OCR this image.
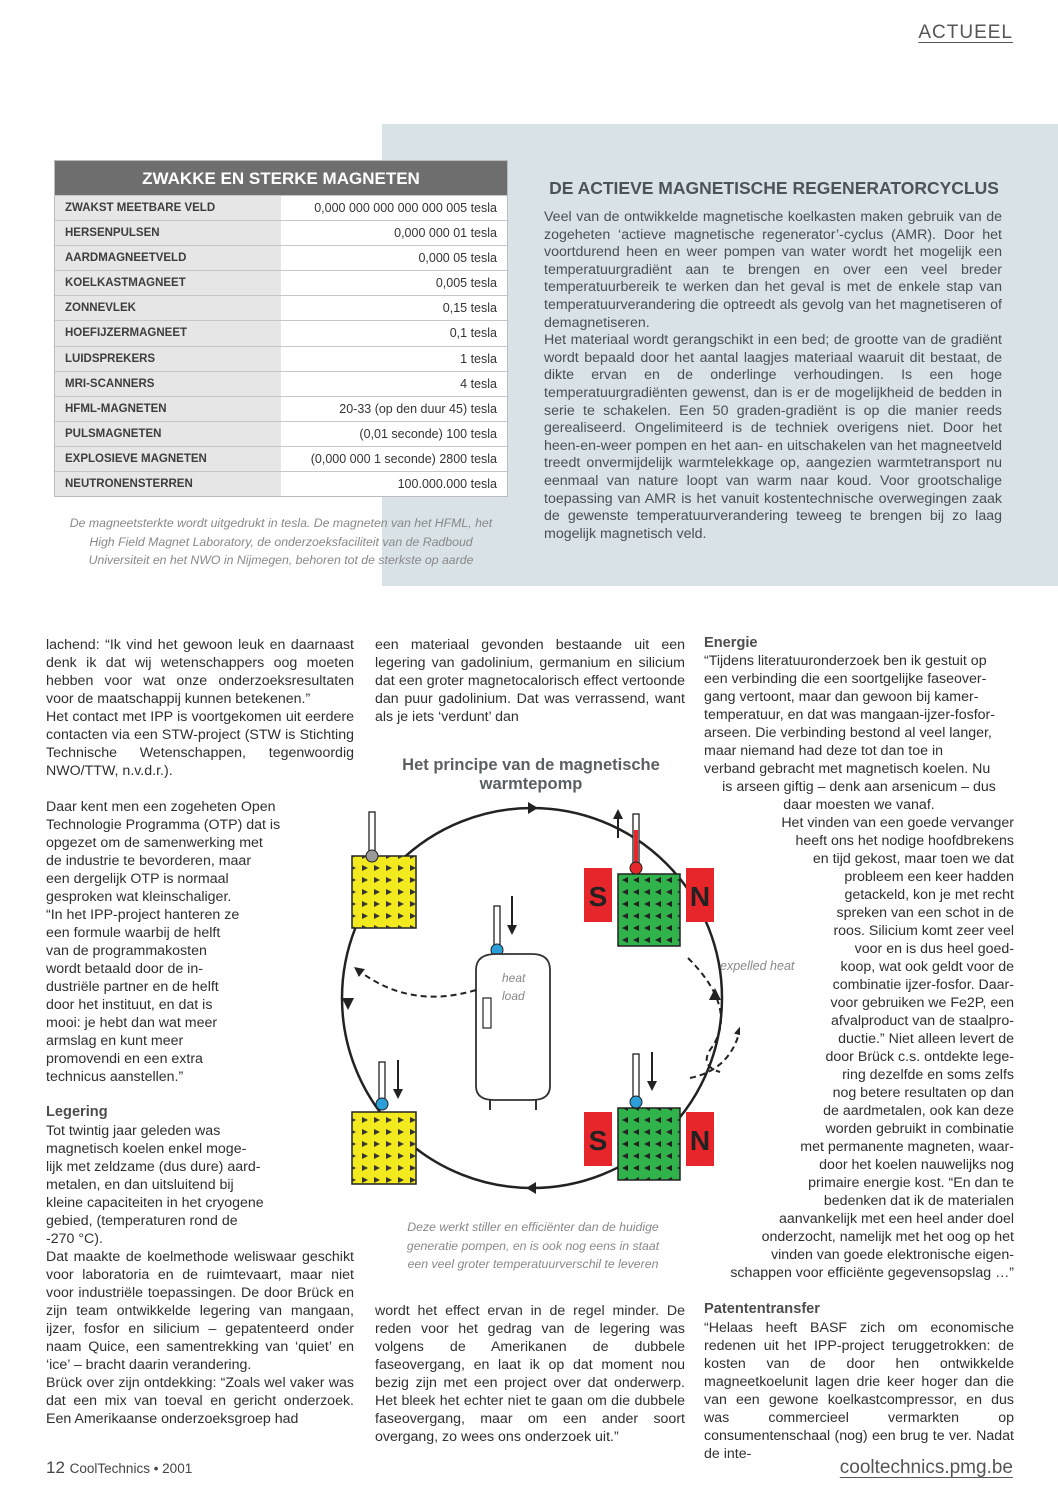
ACTUEEL
ZWAKKE EN STERKE MAGNETEN
ZWAKST MEETBARE VELD	0,000 000 000 000 000 005 tesla
HERSENPULSEN	0,000 000 01 tesla
AARDMAGNEETVELD	0,000 05 tesla
KOELKASTMAGNEET	0,005 tesla
ZONNEVLEK	0,15 tesla
HOEFIJZERMAGNEET	0,1 tesla
LUIDSPREKERS	1 tesla
MRI-SCANNERS	4 tesla
HFML-MAGNETEN	20-33 (op den duur 45) tesla
PULSMAGNETEN	(0,01 seconde) 100 tesla
EXPLOSIEVE MAGNETEN	(0,000 000 1 seconde) 2800 tesla
NEUTRONENSTERREN	100.000.000 tesla
De magneetsterkte wordt uitgedrukt in tesla. De magneten van het HFML, het
High Field Magnet Laboratory, de onderzoeksfaciliteit van de Radboud
Universiteit en het NWO in Nijmegen, behoren tot de sterkste op aarde
DE ACTIEVE MAGNETISCHE REGENERATORCYCLUS

Veel van de ontwikkelde magnetische koelkasten maken gebruik van de zogeheten ‘actieve magnetische regenerator’-cyclus (AMR). Door het voortdurend heen en weer pompen van water wordt het mogelijk een temperatuurgradiënt aan te brengen en over een veel breder temperatuurbereik te werken dan het geval is met de enkele stap van temperatuurverandering die optreedt als gevolg van het magnetiseren of demagnetiseren.

Het materiaal wordt gerangschikt in een bed; de grootte van de gradiënt wordt bepaald door het aantal laagjes materiaal waaruit dit bestaat, de dikte ervan en de onderlinge verhoudingen. Is een hoge temperatuurgradiënten gewenst, dan is er de mogelijkheid de bedden in serie te schakelen. Een 50 graden-gradiënt is op die manier reeds gerealiseerd. Ongelimiteerd is de techniek overigens niet. Door het heen-en-weer pompen en het aan- en uitschakelen van het magneetveld treedt onvermijdelijk warmtelekkage op, aangezien warmtetransport nu eenmaal van nature loopt van warm naar koud. Voor grootschalige toepassing van AMR is het vanuit kostentechnische overwegingen zaak de gewenste temperatuurverandering teweeg te brengen bij zo laag mogelijk magnetisch veld.

lachend: “Ik vind het gewoon leuk en daarnaast denk ik dat wij wetenschappers oog moeten hebben voor wat onze onderzoeksresultaten voor de maatschappij kunnen betekenen.”

Het contact met IPP is voortgekomen uit eerdere contacten via een STW-project (STW is Stichting Technische Wetenschappen, tegenwoordig NWO/TTW, n.v.d.r.).

Daar kent men een zogeheten Open
Technologie Programma (OTP) dat is
opgezet om de samenwerking met
de industrie te bevorderen, maar
een dergelijk OTP is normaal
gesproken wat kleinschaliger.
“In het IPP-project hanteren ze
een formule waarbij de helft
van de programmakosten
wordt betaald door de in-
dustriële partner en de helft
door het instituut, en dat is
mooi: je hebt dan wat meer
armslag en kunt meer
promovendi en een extra
technicus aanstellen.”

Legering

Tot twintig jaar geleden was
magnetisch koelen enkel moge-
lijk met zeldzame (dus dure) aard-
metalen, en dan uitsluitend bij
kleine capaciteiten in het cryogene
gebied, (temperaturen rond de
-270 °C).

Dat maakte de koelmethode weliswaar geschikt voor laboratoria en de ruimtevaart, maar niet voor industriële toepassingen. De door Brück en zijn team ontwikkelde legering van mangaan, ijzer, fosfor en silicium – gepatenteerd onder naam Quice, een samentrekking van ‘quiet’ en ‘ice’ – bracht daarin verandering.

Brück over zijn ontdekking: “Zoals wel vaker was dat een mix van toeval en gericht onderzoek. Een Amerikaanse onderzoeksgroep had

een materiaal gevonden bestaande uit een legering van gadolinium, germanium en silicium dat een groter magnetocalorisch effect vertoonde dan puur gadolinium. Dat was verrassend, want als je iets ‘verdunt’ dan

wordt het effect ervan in de regel minder. De reden voor het gedrag van de legering was volgens de Amerikanen de dubbele faseovergang, en laat ik op dat moment nou bezig zijn met een project over dat onderwerp. Het bleek het echter niet te gaan om die dubbele faseovergang, maar om een ander soort overgang, zo wees ons onderzoek uit.”

Het principe van de magnetische warmtepomp
S	N
heat
load
S	N
expelled heat
Deze werkt stiller en efficiënter dan de huidige
generatie pompen, en is ook nog eens in staat
een veel groter temperatuurverschil te leveren

Energie

“Tijdens literatuuronderzoek ben ik gestuit op
een verbinding die een soortgelijke faseover-
gang vertoont, maar dan gewoon bij kamer-
temperatuur, en dat was mangaan-ijzer-fosfor-
arseen. Die verbinding bestond al veel langer,
maar niemand had deze tot dan toe in
verband gebracht met magnetisch koelen. Nu
is arseen giftig – denk aan arsenicum – dus
daar moesten we vanaf.
Het vinden van een goede vervanger
heeft ons het nodige hoofdbrekens
en tijd gekost, maar toen we dat
probleem een keer hadden
getackeld, kon je met recht
spreken van een schot in de
roos. Silicium komt zeer veel
voor en is dus heel goed-
koop, wat ook geldt voor de
combinatie ijzer-fosfor. Daar-
voor gebruiken we Fe2P, een
afvalproduct van de staalpro-
ductie.” Niet alleen levert de
door Brück c.s. ontdekte lege-
ring dezelfde en soms zelfs
nog betere resultaten op dan
de aardmetalen, ook kan deze
worden gebruikt in combinatie
met permanente magneten, waar-
door het koelen nauwelijks nog
primaire energie kost. “En dan te
bedenken dat ik de materialen
aanvankelijk met een heel ander doel
onderzocht, namelijk met het oog op het
vinden van goede elektronische eigen-
schappen voor efficiënte gegevensopslag …”

Patententransfer

“Helaas heeft BASF zich om economische redenen uit het IPP-project teruggetrokken: de kosten van de door hen ontwikkelde magneetkoelunit lagen drie keer hoger dan die van een gewone koelkastcompressor, en dus was commercieel vermarkten op consumentenschaal (nog) een brug te ver. Nadat de inte-

12 CoolTechnics • 2001	cooltechnics.pmg.be
